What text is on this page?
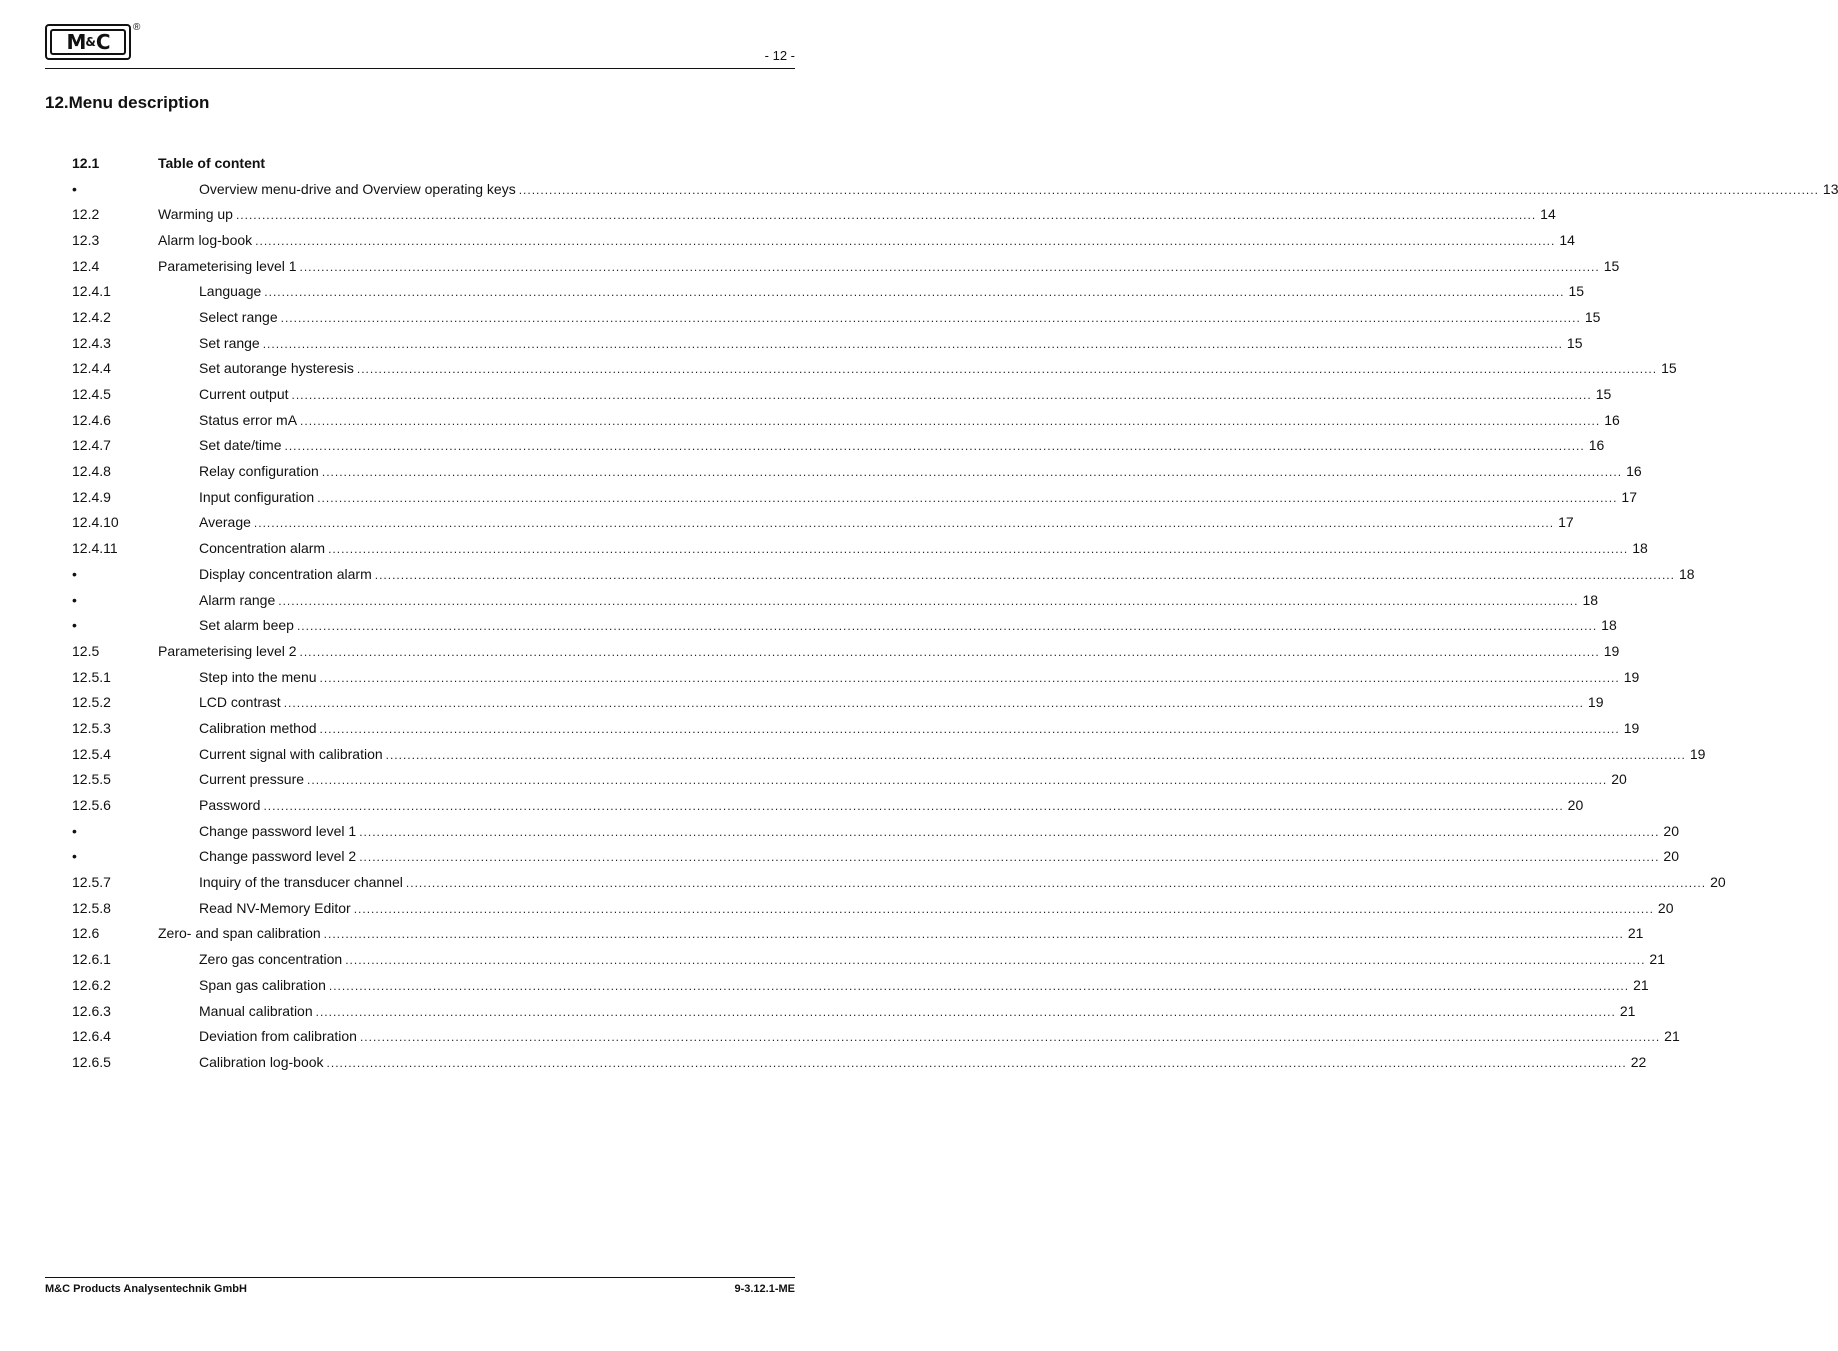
M & C
®
- 12 -
12.Menu description
12.1	Table of content
•	Overview menu-drive and Overview operating keys ............................................................................................................................................................................................................................................................................................................ 13
12.2	Warming up ............................................................................................................................................................................................................................................................................................................ 14
12.3	Alarm log-book ............................................................................................................................................................................................................................................................................................................ 14
12.4	Parameterising level 1 ............................................................................................................................................................................................................................................................................................................ 15
12.4.1	Language ............................................................................................................................................................................................................................................................................................................ 15
12.4.2	Select range ............................................................................................................................................................................................................................................................................................................ 15
12.4.3	Set range ............................................................................................................................................................................................................................................................................................................ 15
12.4.4	Set autorange hysteresis ............................................................................................................................................................................................................................................................................................................ 15
12.4.5	Current output ............................................................................................................................................................................................................................................................................................................ 15
12.4.6	Status error mA ............................................................................................................................................................................................................................................................................................................ 16
12.4.7	Set date/time ............................................................................................................................................................................................................................................................................................................ 16
12.4.8	Relay configuration ............................................................................................................................................................................................................................................................................................................ 16
12.4.9	Input configuration ............................................................................................................................................................................................................................................................................................................ 17
12.4.10	Average ............................................................................................................................................................................................................................................................................................................ 17
12.4.11	Concentration alarm ............................................................................................................................................................................................................................................................................................................ 18
•	Display concentration alarm ............................................................................................................................................................................................................................................................................................................ 18
•	Alarm range ............................................................................................................................................................................................................................................................................................................ 18
•	Set alarm beep ............................................................................................................................................................................................................................................................................................................ 18
12.5	Parameterising level 2 ............................................................................................................................................................................................................................................................................................................ 19
12.5.1	Step into the menu ............................................................................................................................................................................................................................................................................................................ 19
12.5.2	LCD contrast ............................................................................................................................................................................................................................................................................................................ 19
12.5.3	Calibration method ............................................................................................................................................................................................................................................................................................................ 19
12.5.4	Current signal with calibration ............................................................................................................................................................................................................................................................................................................ 19
12.5.5	Current pressure ............................................................................................................................................................................................................................................................................................................ 20
12.5.6	Password ............................................................................................................................................................................................................................................................................................................ 20
•	Change password level 1 ............................................................................................................................................................................................................................................................................................................ 20
•	Change password level 2 ............................................................................................................................................................................................................................................................................................................ 20
12.5.7	Inquiry of the transducer channel ............................................................................................................................................................................................................................................................................................................ 20
12.5.8	Read NV-Memory Editor ............................................................................................................................................................................................................................................................................................................ 20
12.6	Zero- and span calibration ............................................................................................................................................................................................................................................................................................................ 21
12.6.1	Zero gas concentration ............................................................................................................................................................................................................................................................................................................ 21
12.6.2	Span gas calibration ............................................................................................................................................................................................................................................................................................................ 21
12.6.3	Manual calibration ............................................................................................................................................................................................................................................................................................................ 21
12.6.4	Deviation from calibration ............................................................................................................................................................................................................................................................................................................ 21
12.6.5	Calibration log-book ............................................................................................................................................................................................................................................................................................................ 22
M&C Products Analysentechnik GmbH	9-3.12.1-ME
